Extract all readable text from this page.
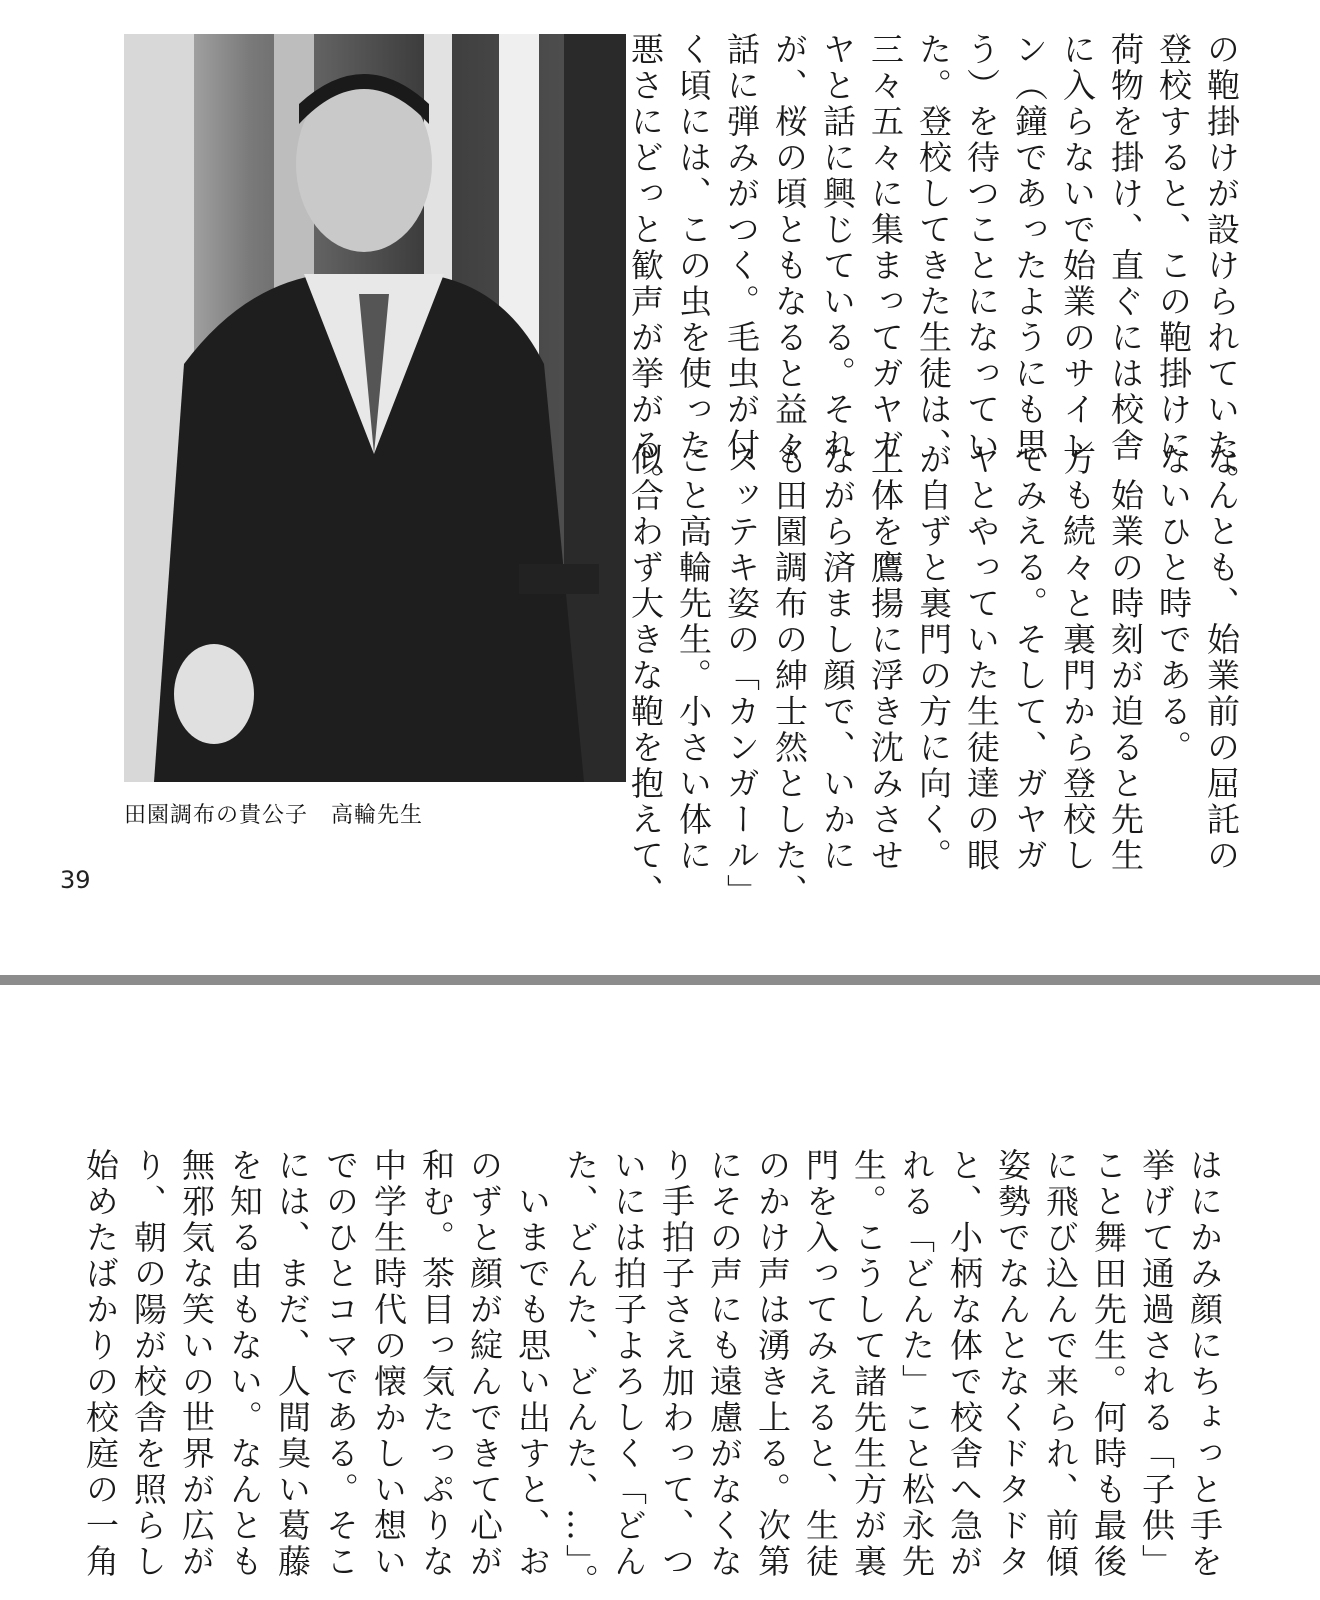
の鞄掛けが設けられていた。
登校すると、この鞄掛けに
荷物を掛け、直ぐには校舎
に入らないで始業のサイレ
ン（鐘であったようにも思
う）を待つことになってい
た。登校してきた生徒は、
三々五々に集まってガヤガ
ヤと話に興じている。それ
が、桜の頃ともなると益々
話に弾みがつく。毛虫が付
く頃には、この虫を使った
悪さにどっと歓声が挙がる。
なんとも、始業前の屈託の
ないひと時である。
　始業の時刻が迫ると先生
方も続々と裏門から登校し
てみえる。そして、ガヤガ
ヤとやっていた生徒達の眼
が自ずと裏門の方に向く。
上体を鷹揚に浮き沈みさせ
ながら済まし顔で、いかに
も田園調布の紳士然とした、
スッテキ姿の「カンガール」
こと高輪先生。小さい体に
似合わず大きな鞄を抱えて、
田園調布の貴公子　高輪先生
39
はにかみ顔にちょっと手を
挙げて通過される「子供」
こと舞田先生。何時も最後
に飛び込んで来られ、前傾
姿勢でなんとなくドタドタ
と、小柄な体で校舎へ急が
れる「どんた」こと松永先
生。こうして諸先生方が裏
門を入ってみえると、生徒
のかけ声は湧き上る。次第
にその声にも遠慮がなくな
り手拍子さえ加わって、つ
いには拍子よろしく「どん
た、どんた、どんた、…」。
　いまでも思い出すと、お
のずと顔が綻んできて心が
和む。茶目っ気たっぷりな
中学生時代の懐かしい想い
でのひとコマである。そこ
には、まだ、人間臭い葛藤
を知る由もない。なんとも
無邪気な笑いの世界が広が
り、朝の陽が校舎を照らし
始めたばかりの校庭の一角
